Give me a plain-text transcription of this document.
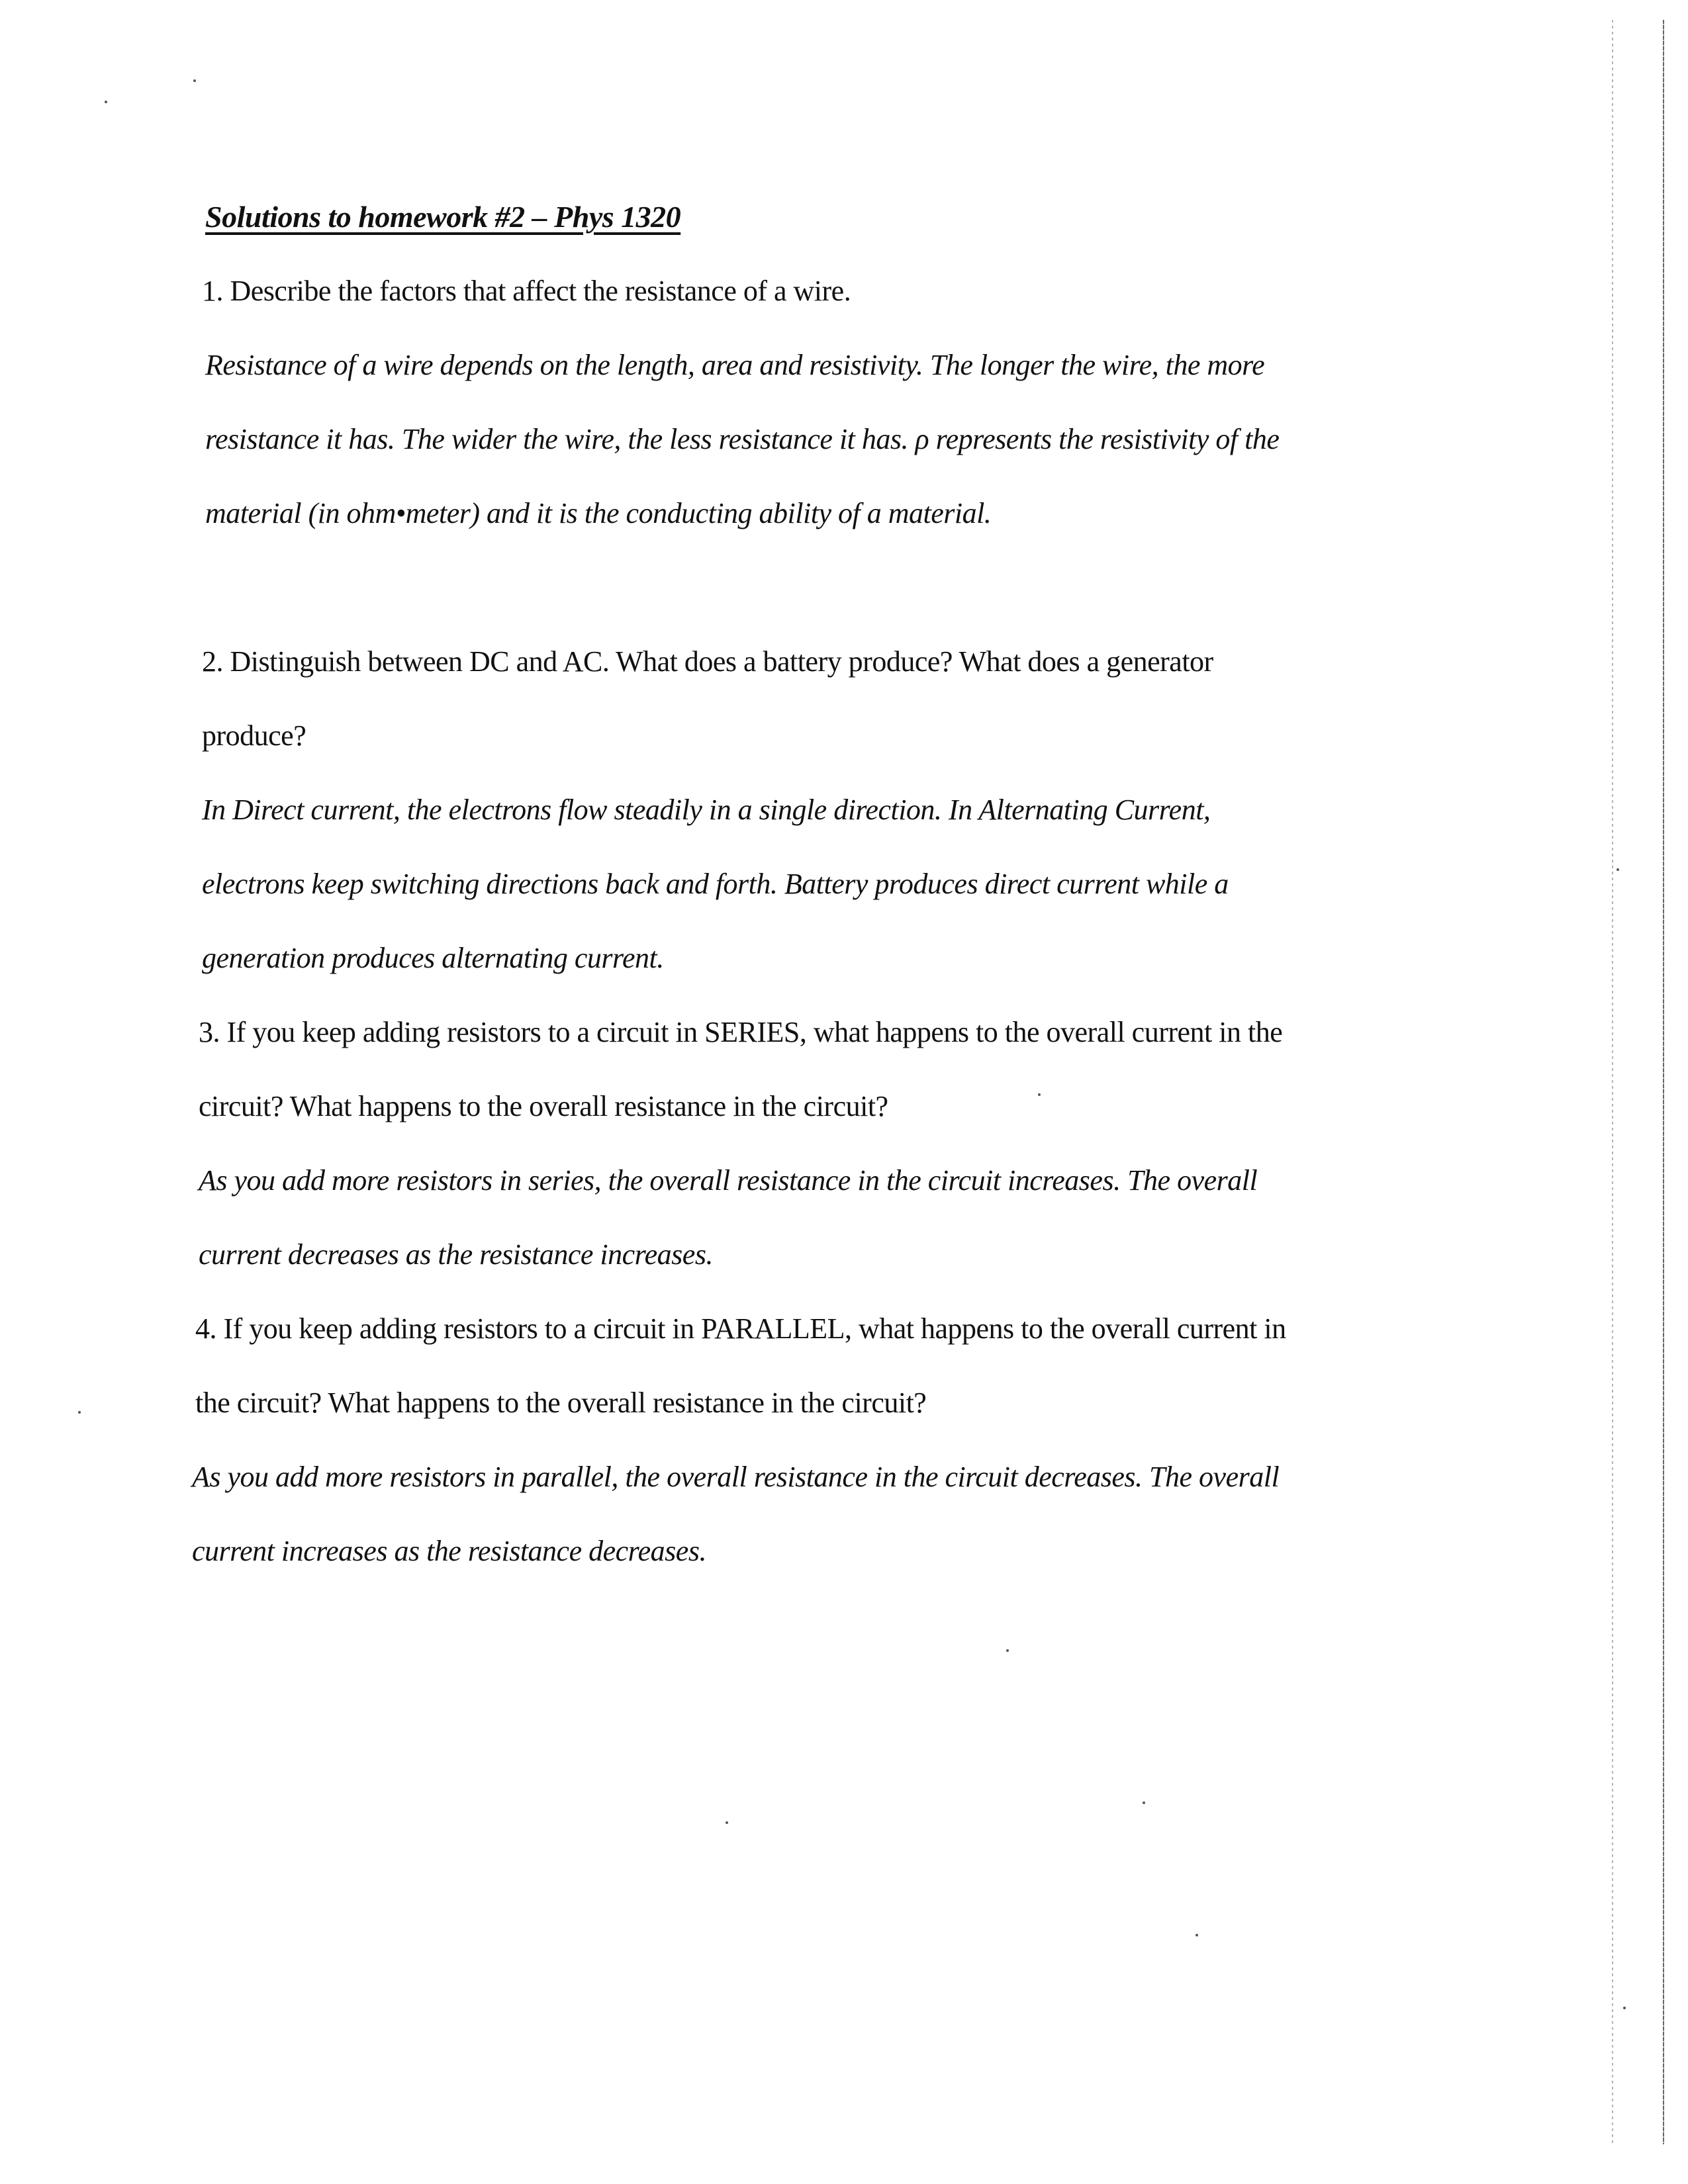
Solutions to homework #2 – Phys 1320
1. Describe the factors that affect the resistance of a wire.
Resistance of a wire depends on the length, area and resistivity. The longer the wire, the more
resistance it has. The wider the wire, the less resistance it has. ρ represents the resistivity of the
material (in ohm•meter) and it is the conducting ability of a material.
2. Distinguish between DC and AC. What does a battery produce? What does a generator
produce?
In Direct current, the electrons flow steadily in a single direction. In Alternating Current,
electrons keep switching directions back and forth. Battery produces direct current while a
generation produces alternating current.
3. If you keep adding resistors to a circuit in SERIES, what happens to the overall current in the
circuit? What happens to the overall resistance in the circuit?
As you add more resistors in series, the overall resistance in the circuit increases. The overall
current decreases as the resistance increases.
4. If you keep adding resistors to a circuit in PARALLEL, what happens to the overall current in
the circuit? What happens to the overall resistance in the circuit?
As you add more resistors in parallel, the overall resistance in the circuit decreases. The overall
current increases as the resistance decreases.
